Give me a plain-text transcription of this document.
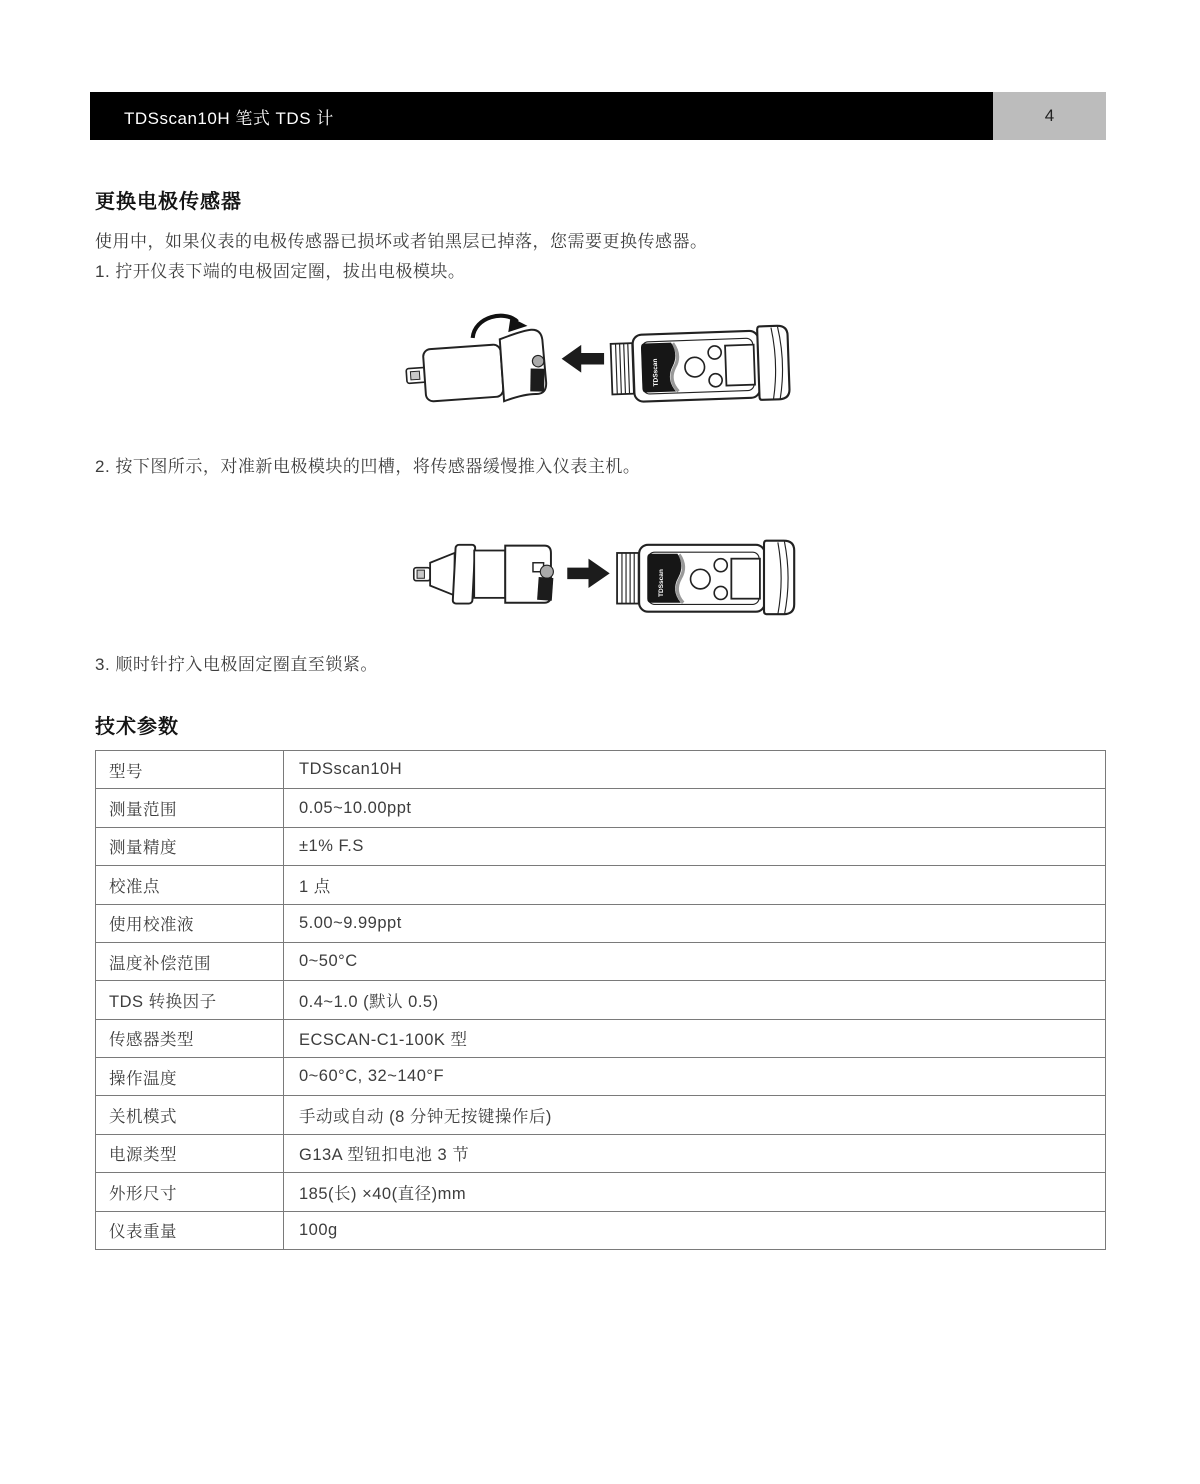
TDSscan10H 笔式 TDS 计	4
更换电极传感器
使用中，如果仪表的电极传感器已损坏或者铂黑层已掉落，您需要更换传感器。
1. 拧开仪表下端的电极固定圈，拔出电极模块。
2. 按下图所示，对准新电极模块的凹槽，将传感器缓慢推入仪表主机。
3. 顺时针拧入电极固定圈直至锁紧。
技术参数
型号	TDSscan10H
测量范围	0.05~10.00ppt
测量精度	±1% F.S
校准点	1 点
使用校准液	5.00~9.99ppt
温度补偿范围	0~50°C
TDS 转换因子	0.4~1.0 (默认 0.5)
传感器类型	ECSCAN-C1-100K 型
操作温度	0~60°C, 32~140°F
关机模式	手动或自动 (8 分钟无按键操作后)
电源类型	G13A 型钮扣电池 3 节
外形尺寸	185(长) ×40(直径)mm
仪表重量	100g
